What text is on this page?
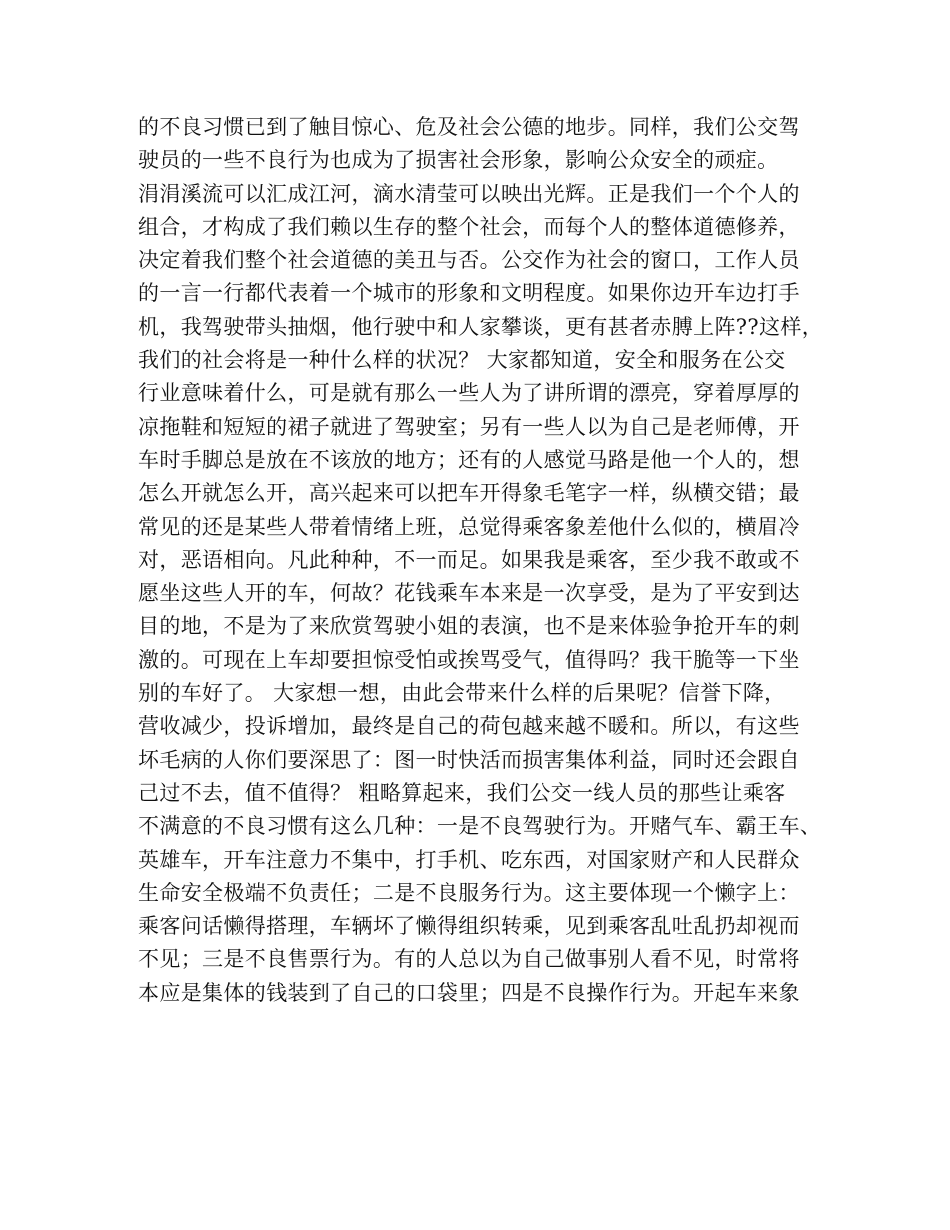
的不良习惯已到了触目惊心、危及社会公德的地步。同样，我们公交驾
驶员的一些不良行为也成为了损害社会形象，影响公众安全的顽症。
涓涓溪流可以汇成江河，滴水清莹可以映出光辉。正是我们一个个人的
组合，才构成了我们赖以生存的整个社会，而每个人的整体道德修养，
决定着我们整个社会道德的美丑与否。公交作为社会的窗口，工作人员
的一言一行都代表着一个城市的形象和文明程度。如果你边开车边打手
机，我驾驶带头抽烟，他行驶中和人家攀谈，更有甚者赤膊上阵??这样，
我们的社会将是一种什么样的状况？ 大家都知道，安全和服务在公交
行业意味着什么，可是就有那么一些人为了讲所谓的漂亮，穿着厚厚的
凉拖鞋和短短的裙子就进了驾驶室；另有一些人以为自己是老师傅，开
车时手脚总是放在不该放的地方；还有的人感觉马路是他一个人的，想
怎么开就怎么开，高兴起来可以把车开得象毛笔字一样，纵横交错；最
常见的还是某些人带着情绪上班，总觉得乘客象差他什么似的，横眉冷
对，恶语相向。凡此种种，不一而足。如果我是乘客，至少我不敢或不
愿坐这些人开的车，何故？花钱乘车本来是一次享受，是为了平安到达
目的地，不是为了来欣赏驾驶小姐的表演，也不是来体验争抢开车的刺
激的。可现在上车却要担惊受怕或挨骂受气，值得吗？我干脆等一下坐
别的车好了。 大家想一想，由此会带来什么样的后果呢？信誉下降，
营收减少，投诉增加，最终是自己的荷包越来越不暖和。所以，有这些
坏毛病的人你们要深思了：图一时快活而损害集体利益，同时还会跟自
己过不去，值不值得？ 粗略算起来，我们公交一线人员的那些让乘客
不满意的不良习惯有这么几种：一是不良驾驶行为。开赌气车、霸王车、
英雄车，开车注意力不集中，打手机、吃东西，对国家财产和人民群众
生命安全极端不负责任；二是不良服务行为。这主要体现一个懒字上：
乘客问话懒得搭理，车辆坏了懒得组织转乘，见到乘客乱吐乱扔却视而
不见；三是不良售票行为。有的人总以为自己做事别人看不见，时常将
本应是集体的钱装到了自己的口袋里；四是不良操作行为。开起车来象
